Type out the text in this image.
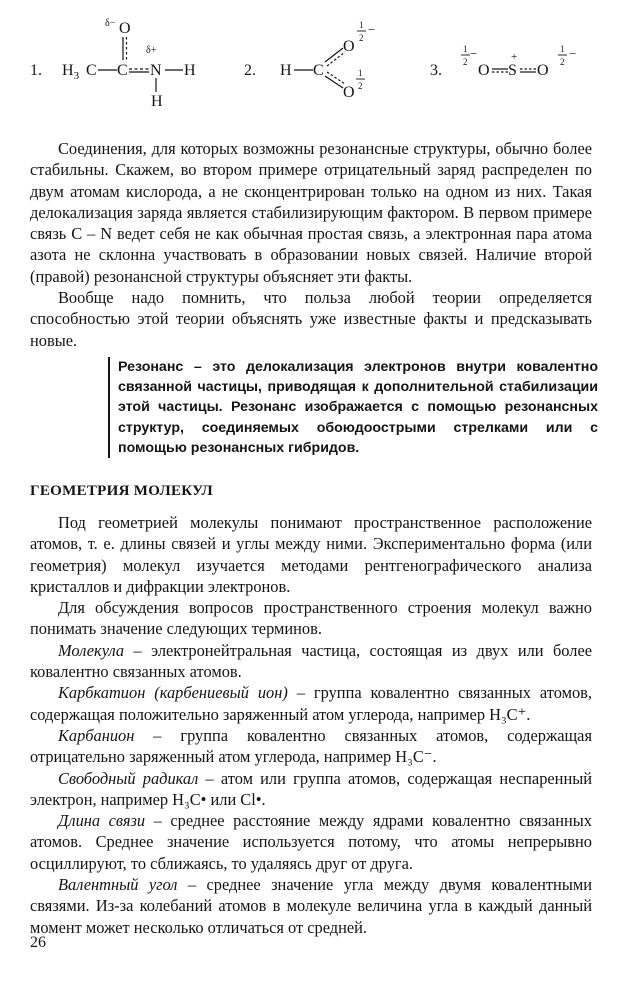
1. $H_3$ C C
δ− O
δ+
N H
H
2. H C
O
1
2
−
O
1
2
3.
1
2
−
O
+
S O
1
2
−

Соединения, для которых возможны резонансные структуры, обычно более стабильны. Скажем, во втором примере отрицательный заряд распределен по двум атомам кислорода, а не сконцентрирован только на одном из них. Такая делокализация заряда является стабилизирующим фактором. В первом примере связь C – N ведет себя не как обычная простая связь, а электронная пара атома азота не склонна участвовать в образовании новых связей. Наличие второй (правой) резонансной структуры объясняет эти факты.

Вообще надо помнить, что польза любой теории определяется способностью этой теории объяснять уже известные факты и предсказывать новые.

Резонанс – это делокализация электронов внутри ковалентно связанной частицы, приводящая к дополнительной стабилизации этой частицы. Резонанс изображается с помощью резонансных структур, соединяемых обоюдоострыми стрелками или с помощью резонансных гибридов.
ГЕОМЕТРИЯ МОЛЕКУЛ

Под геометрией молекулы понимают пространственное расположение атомов, т. е. длины связей и углы между ними. Экспериментально форма (или геометрия) молекул изучается методами рентгенографического анализа кристаллов и дифракции электронов.

Для обсуждения вопросов пространственного строения молекул важно понимать значение следующих терминов.

Молекула – электронейтральная частица, состоящая из двух или более ковалентно связанных атомов.

Карбкатион (карбениевый ион) – группа ковалентно связанных атомов, содержащая положительно заряженный атом углерода, например H₃C⁺.

Карбанион – группа ковалентно связанных атомов, содержащая отрицательно заряженный атом углерода, например H₃C⁻.

Свободный радикал – атом или группа атомов, содержащая неспаренный электрон, например H₃C• или Cl•.

Длина связи – среднее расстояние между ядрами ковалентно связанных атомов. Среднее значение используется потому, что атомы непрерывно осциллируют, то сближаясь, то удаляясь друг от друга.

Валентный угол – среднее значение угла между двумя ковалентными связями. Из-за колебаний атомов в молекуле величина угла в каждый данный момент может несколько отличаться от средней.

26
